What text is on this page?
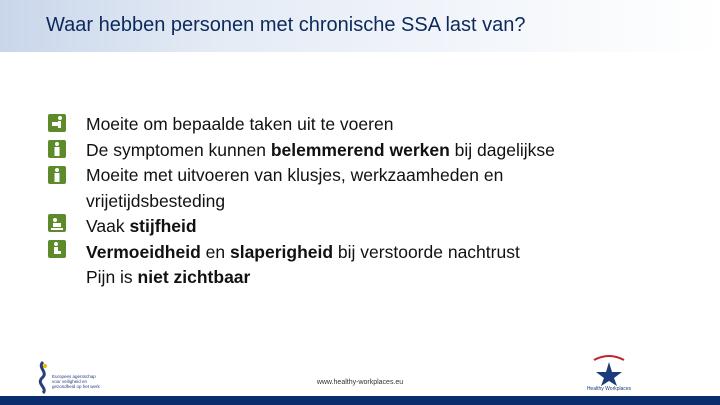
Waar hebben personen met chronische SSA last van?

Moeite om bepaalde taken uit te voeren

De symptomen kunnen belemmerend werken bij dagelijkse

Moeite met uitvoeren van klusjes, werkzaamheden en

vrijetijdsbesteding

Vaak stijfheid

Vermoeidheid en slaperigheid bij verstoorde nachtrust

Pijn is niet zichtbaar

Europees agentschap voor veiligheid en gezondheid op het werk
www.healthy-workplaces.eu
Healthy Workplaces	5
